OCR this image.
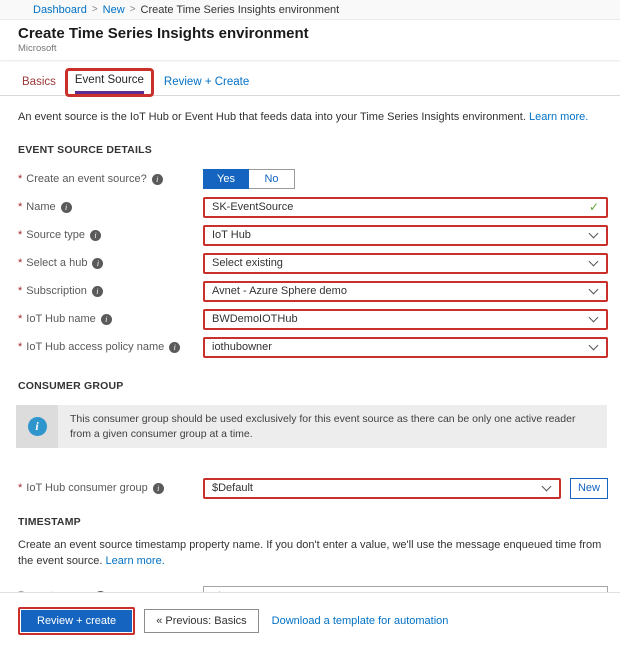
Dashboard > New > Create Time Series Insights environment
Create Time Series Insights environment
Microsoft
Basics Event Source Review + Create
An event source is the IoT Hub or Event Hub that feeds data into your Time Series Insights environment. Learn more.
EVENT SOURCE DETAILS
* Create an event source?	i	Yes	No
* Name	i	SK-EventSource	✓
* Source type	i	IoT Hub
* Select a hub	i	Select existing
* Subscription	i	Avnet - Azure Sphere demo
* IoT Hub name	i	BWDemoIOTHub
* IoT Hub access policy name	i	iothubowner
CONSUMER GROUP
i
This consumer group should be used exclusively for this event source as there can be only one active reader from a given consumer group at a time.
* IoT Hub consumer group	i	$Default	New
TIMESTAMP
Create an event source timestamp property name. If you don't enter a value, we'll use the message enqueued time from the event source. Learn more.
Timestamp property name
Review + create	« Previous: Basics	Download a template for automation
